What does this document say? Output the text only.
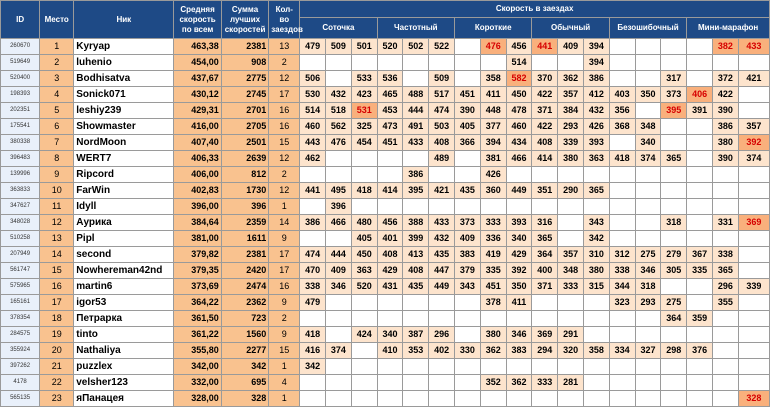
ID	Место	Ник	Средняя скорость по всем	Сумма лучших скоростей	Кол-во заездов	Скорость в заездах																	
						Соточка			Частотный			Короткие			Обычный			Безошибочный			Мини-марафон		
260670	1	Kyryap	463,38	2381	13	479	509	501	520	502	522		476	456	441	409	394					382	433
519649	2	luhenio	454,00	908	2									514			394						
520400	3	Bodhisatva	437,67	2775	12	506		533	536		509		358	582	370	362	386			317		372	421
198393	4	Sonick071	430,12	2745	17	530	432	423	465	488	517	451	411	450	422	357	412	403	350	373	406	422	
202351	5	leshiy239	429,31	2701	16	514	518	531	453	444	474	390	448	478	371	384	432	356		395	391	390	
175541	6	Showmaster	416,00	2705	16	460	562	325	473	491	503	405	377	460	422	293	426	368	348			386	357
380338	7	NordMoon	407,40	2501	15	443	476	454	451	433	408	366	394	434	408	339	393		340			380	392
396483	8	WERT7	406,33	2639	12	462					489		381	466	414	380	363	418	374	365		390	374
139996	9	Ripcord	406,00	812	2					386			426										
363833	10	FarWin	402,83	1730	12	441	495	418	414	395	421	435	360	449	351	290	365						
347627	11	Idyll	396,00	396	1		396																
348028	12	Аурика	384,64	2359	14	386	466	480	456	388	433	373	333	393	316		343			318		331	369
510258	13	Pipl	381,00	1611	9			405	401	399	432	409	336	340	365		342						
207949	14	second	379,82	2381	17	474	444	450	408	413	435	383	419	429	364	357	310	312	275	279	367	338	
561747	15	Nowhereman42nd	379,35	2420	17	470	409	363	429	408	447	379	335	392	400	348	380	338	346	305	335	365	
575965	16	martin6	373,69	2474	16	338	346	520	431	435	449	343	451	350	371	333	315	344	318			296	339
165161	17	igor53	364,22	2362	9	479							378	411				323	293	275		355	
378354	18	Петрарка	361,50	723	2															364	359		
284575	19	tinto	361,22	1560	9	418		424	340	387	296		380	346	369	291							
355924	20	Nathaliya	355,80	2277	15	416	374		410	353	402	330	362	383	294	320	358	334	327	298	376		
397262	21	puzzlex	342,00	342	1	342																	
4178	22	velsher123	332,00	695	4								352	362	333	281							
565135	23	яПанацея	328,00	328	1																		328
